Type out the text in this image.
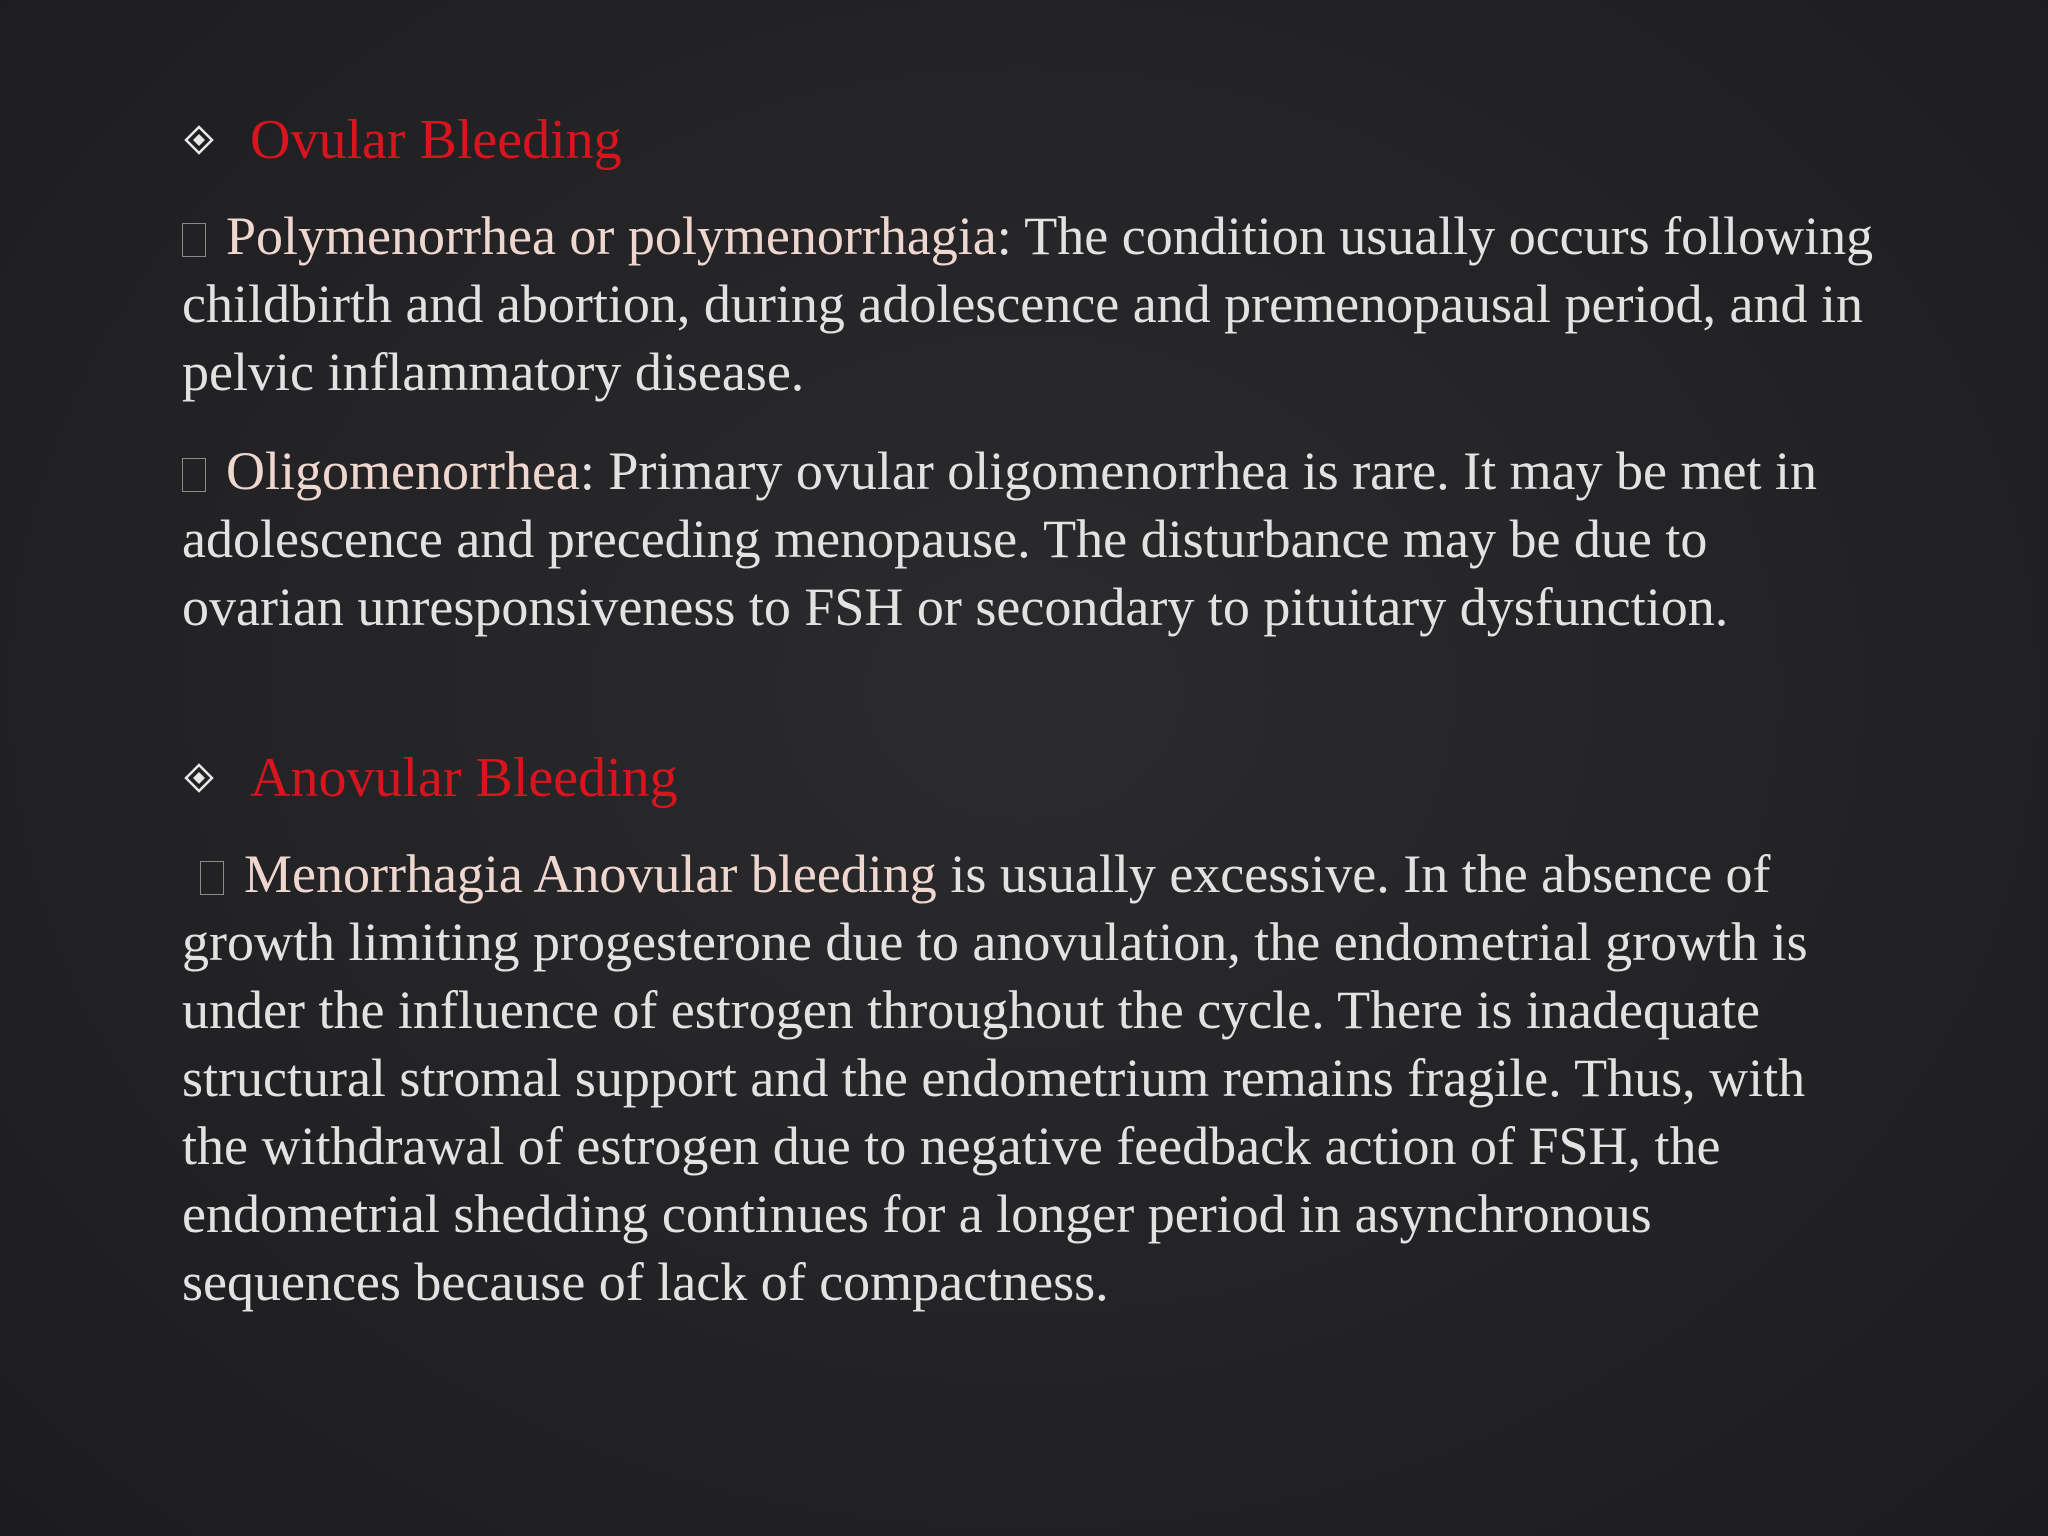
Ovular Bleeding
Polymenorrhea or polymenorrhagia: The condition usually occurs following childbirth and abortion, during adolescence and premenopausal period, and in pelvic inflammatory disease.
Oligomenorrhea: Primary ovular oligomenorrhea is rare. It may be met in adolescence and preceding menopause. The disturbance may be due to ovarian unresponsiveness to FSH or secondary to pituitary dysfunction.
Anovular Bleeding
Menorrhagia Anovular bleeding is usually excessive. In the absence of growth limiting progesterone due to anovulation, the endometrial growth is under the influence of estrogen throughout the cycle. There is inadequate structural stromal support and the endometrium remains fragile. Thus, with the withdrawal of estrogen due to negative feedback action of FSH, the endometrial shedding continues for a longer period in asynchronous sequences because of lack of compactness.
